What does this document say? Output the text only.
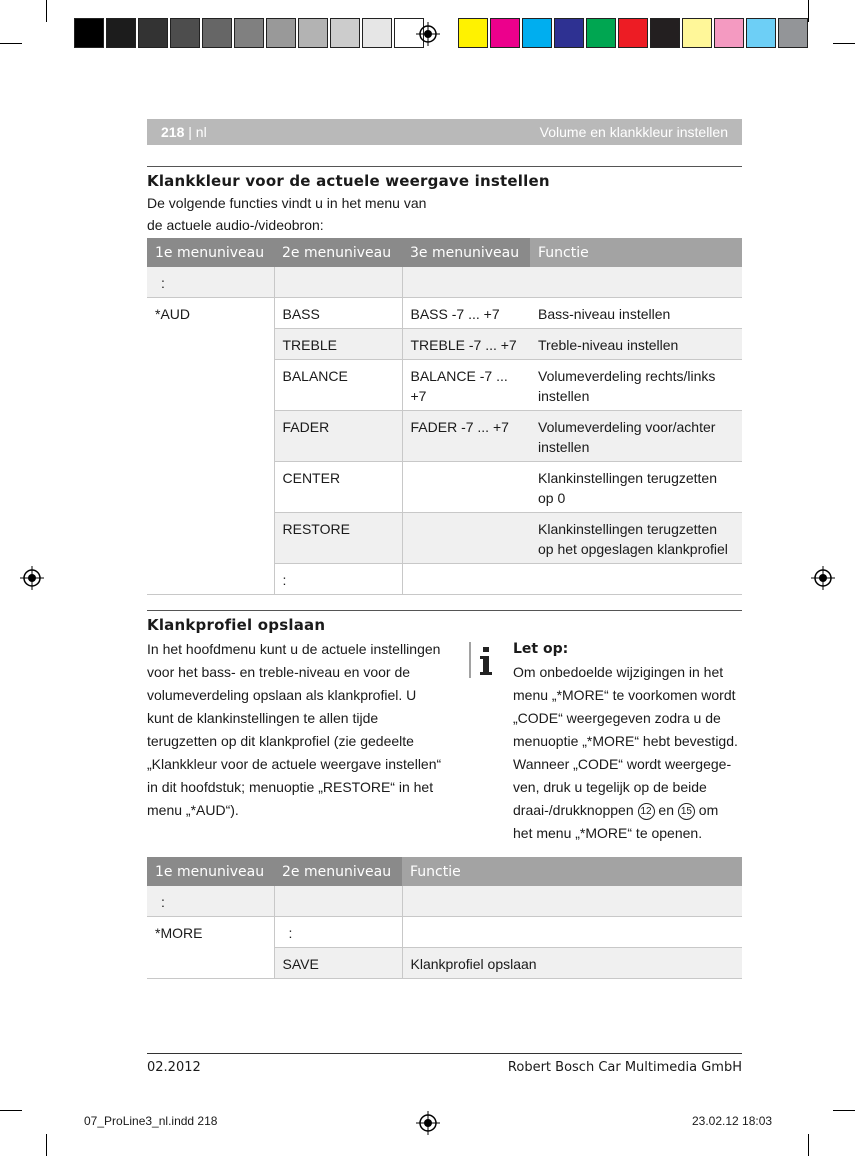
218 | nl	Volume en klankkleur instellen
Klankkleur voor de actuele weergave instellen
De volgende functies vindt u in het menu van
de actuele audio-/videobron:
1e menuniveau	2e menuniveau	3e menuniveau	Functie
:			
*AUD	BASS	BASS -7 ... +7	Bass-niveau instellen
	TREBLE	TREBLE -7 ... +7	Treble-niveau instellen
	BALANCE	BALANCE -7 ... +7	Volumeverdeling rechts/links instellen
	FADER	FADER -7 ... +7	Volumeverdeling voor/achter instellen
	CENTER		Klankinstellingen terugzetten op 0
	RESTORE		Klankinstellingen terugzetten op het opgeslagen klankprofiel
	:		
Klankprofiel opslaan
In het hoofdmenu kunt u de actuele instellingen
voor het bass- en treble-niveau en voor de
volumeverdeling opslaan als klankprofiel. U
kunt de klankinstellingen te allen tijde
terugzetten op dit klankprofiel (zie gedeelte
„Klankkleur voor de actuele weergave instellen“
in dit hoofdstuk; menuoptie „RESTORE“ in het
menu „*AUD“).
Let op:
Om onbedoelde wijzigingen in het
menu „*MORE“ te voorkomen wordt
„CODE“ weergegeven zodra u de
menuoptie „*MORE“ hebt bevestigd.
Wanneer „CODE“ wordt weergege-
ven, druk u tegelijk op de beide
draai-/drukknoppen 12 en 15 om
het menu „*MORE“ te openen.
1e menuniveau	2e menuniveau	Functie
:		
*MORE	:	
	SAVE	Klankprofiel opslaan
02.2012	Robert Bosch Car Multimedia GmbH
07_ProLine3_nl.indd 218	23.02.12 18:03
